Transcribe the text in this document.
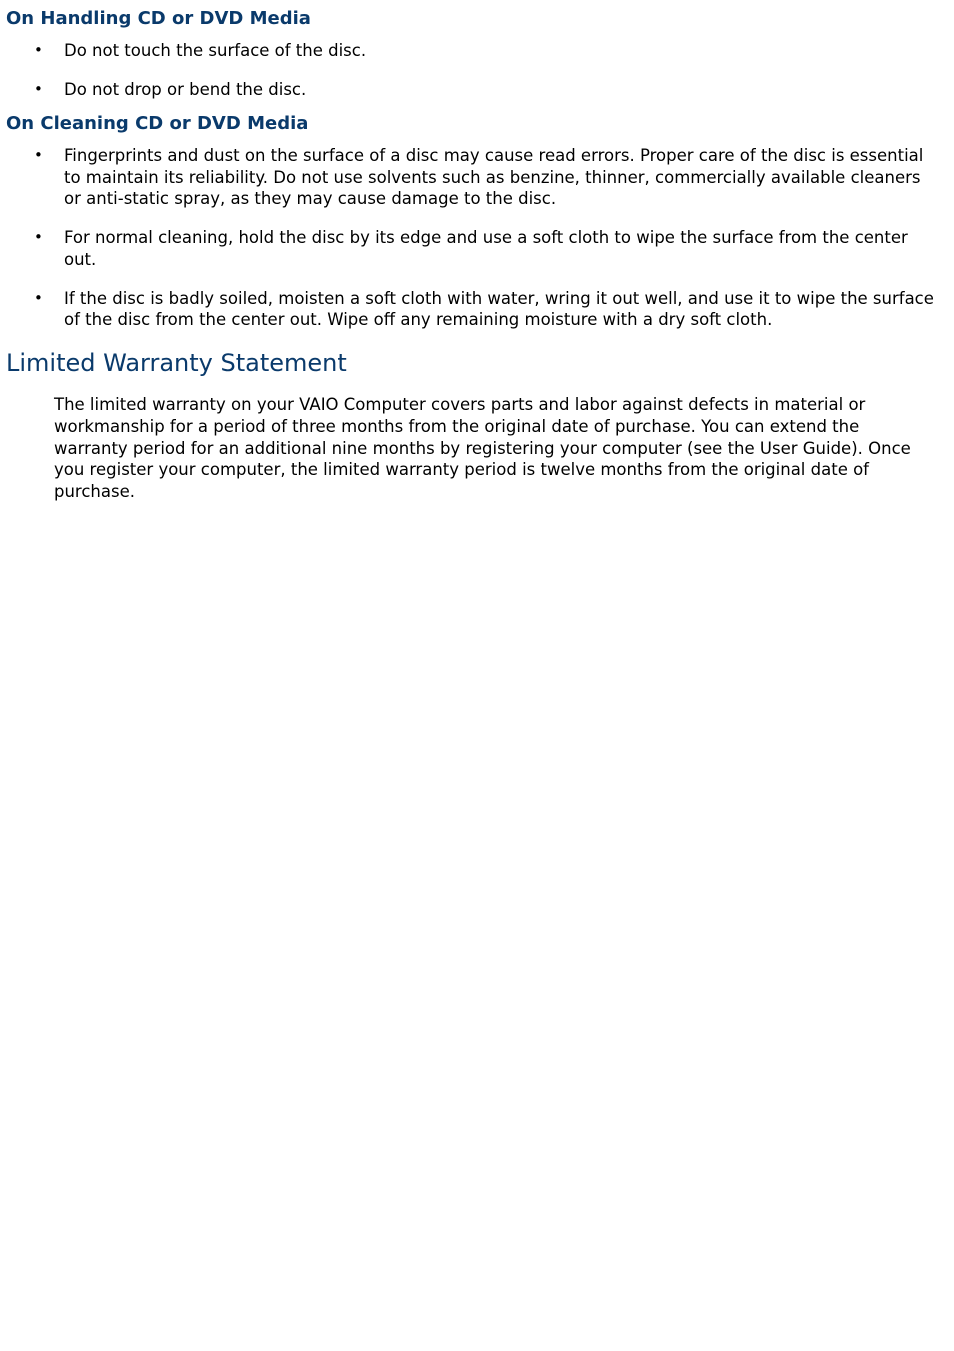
On Handling CD or DVD Media
•	Do not touch the surface of the disc.
•	Do not drop or bend the disc.
On Cleaning CD or DVD Media
•	Fingerprints and dust on the surface of a disc may cause read errors. Proper care of the disc is essential to maintain its reliability. Do not use solvents such as benzine, thinner, commercially available cleaners or anti-static spray, as they may cause damage to the disc.
•	For normal cleaning, hold the disc by its edge and use a soft cloth to wipe the surface from the center out.
•	If the disc is badly soiled, moisten a soft cloth with water, wring it out well, and use it to wipe the surface of the disc from the center out. Wipe off any remaining moisture with a dry soft cloth.
Limited Warranty Statement

The limited warranty on your VAIO Computer covers parts and labor against defects in material or workmanship for a period of three months from the original date of purchase. You can extend the warranty period for an additional nine months by registering your computer (see the User Guide). Once you register your computer, the limited warranty period is twelve months from the original date of purchase.
